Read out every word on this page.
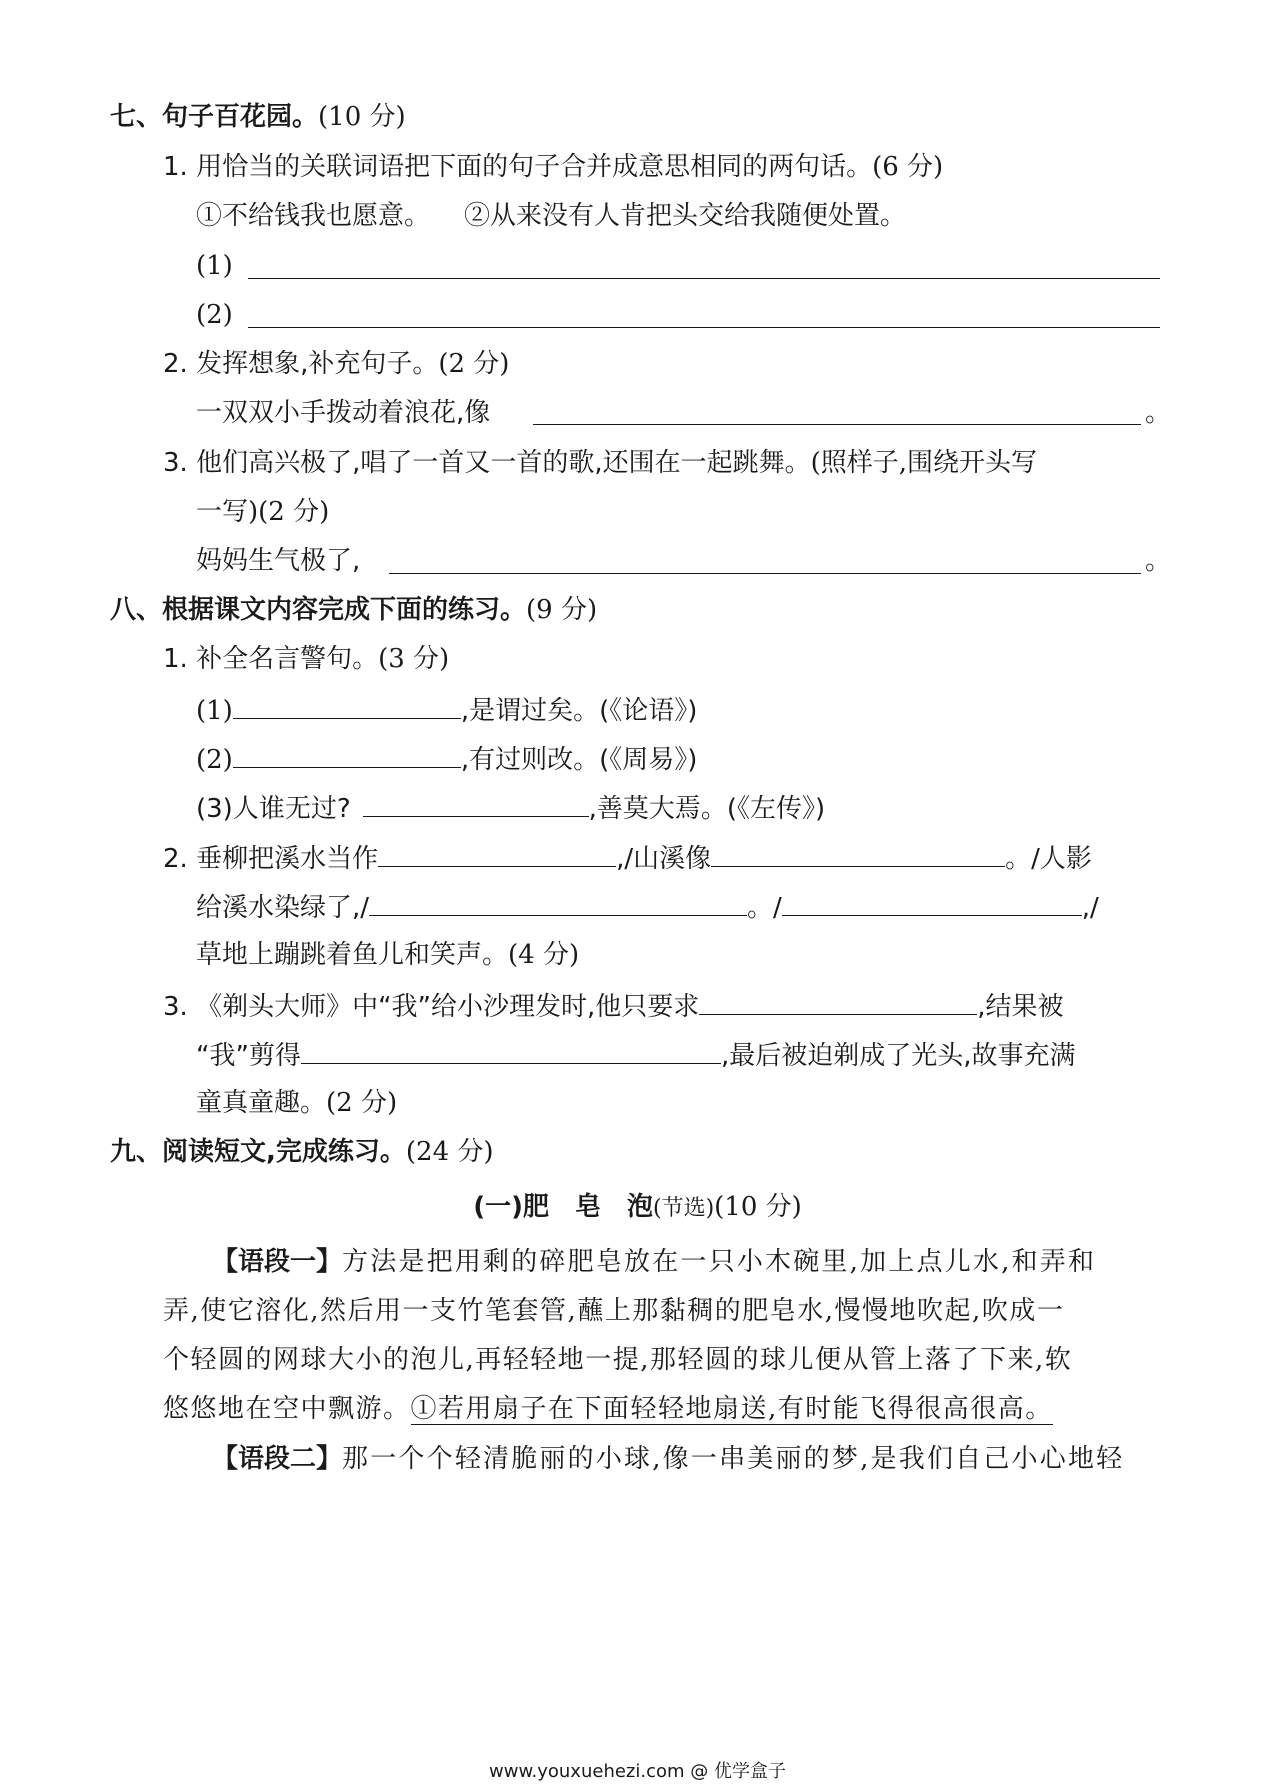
七、句子百花园。(10 分)
1. 用恰当的关联词语把下面的句子合并成意思相同的两句话。(6 分)
①不给钱我也愿意。 ②从来没有人肯把头交给我随便处置。
(1)
(2)
2. 发挥想象,补充句子。(2 分)
一双双小手拨动着浪花,像	。
3. 他们高兴极了,唱了一首又一首的歌,还围在一起跳舞。(照样子,围绕开头写
一写)(2 分)
妈妈生气极了,	。
八、根据课文内容完成下面的练习。(9 分)
1. 补全名言警句。(3 分)
(1)	,是谓过矣。(《论语》)
(2)	,有过则改。(《周易》)
(3)人谁无过?	,善莫大焉。(《左传》)
2. 垂柳把溪水当作	,/山溪像	。/人影
给溪水染绿了,/	。/	,/
草地上蹦跳着鱼儿和笑声。(4 分)
3. 《剃头大师》中“我”给小沙理发时,他只要求	,结果被
“我”剪得	,最后被迫剃成了光头,故事充满
童真童趣。(2 分)
九、阅读短文,完成练习。(24 分)
(一)肥　皂　泡(节选)(10 分)
【语段一】方法是把用剩的碎肥皂放在一只小木碗里,加上点儿水,和弄和
弄,使它溶化,然后用一支竹笔套管,蘸上那黏稠的肥皂水,慢慢地吹起,吹成一
个轻圆的网球大小的泡儿,再轻轻地一提,那轻圆的球儿便从管上落了下来,软
悠悠地在空中飘游。①若用扇子在下面轻轻地扇送,有时能飞得很高很高。
【语段二】那一个个轻清脆丽的小球,像一串美丽的梦,是我们自己小心地轻
www.youxuehezi.com @ 优学盒子
